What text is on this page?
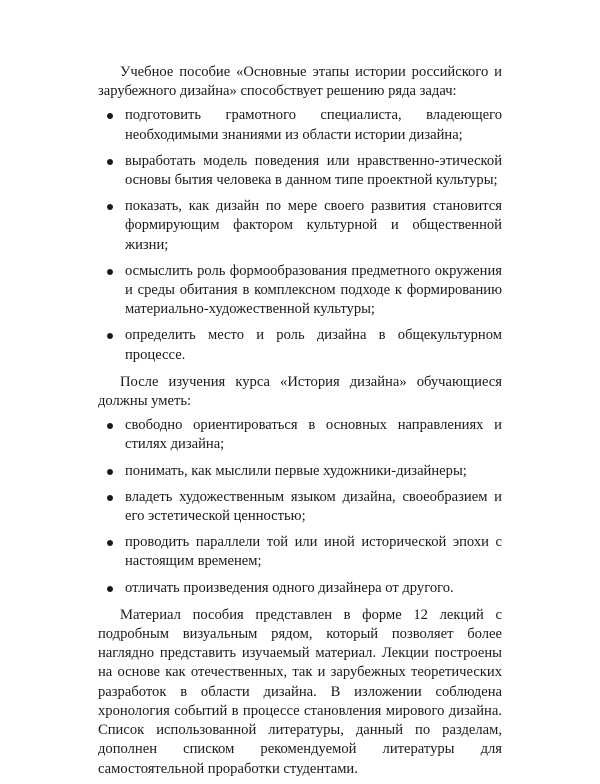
Учебное пособие «Основные этапы истории российского и зарубежного дизайна» способствует решению ряда задач:

подготовить грамотного специалиста, владеющего необходимыми знаниями из области истории дизайна;
выработать модель поведения или нравственно-этической основы бытия человека в данном типе проектной культуры;
показать, как дизайн по мере своего развития становится формирующим фактором культурной и общественной жизни;
осмыслить роль формообразования предметного окружения и среды обитания в комплексном подходе к формированию материально-художественной культуры;
определить место и роль дизайна в общекультурном процессе.

После изучения курса «История дизайна» обучающиеся должны уметь:

свободно ориентироваться в основных направлениях и стилях дизайна;
понимать, как мыслили первые художники-дизайнеры;
владеть художественным языком дизайна, своеобразием и его эстетической ценностью;
проводить параллели той или иной исторической эпохи с настоящим временем;
отличать произведения одного дизайнера от другого.

Материал пособия представлен в форме 12 лекций с подробным визуальным рядом, который позволяет более наглядно представить изучаемый материал. Лекции построены на основе как отечественных, так и зарубежных теоретических разработок в области дизайна. В изложении соблюдена хронология событий в процессе становления мирового дизайна. Список использованной литературы, данный по разделам, дополнен списком рекомендуемой литературы для самостоятельной проработки студентами.
